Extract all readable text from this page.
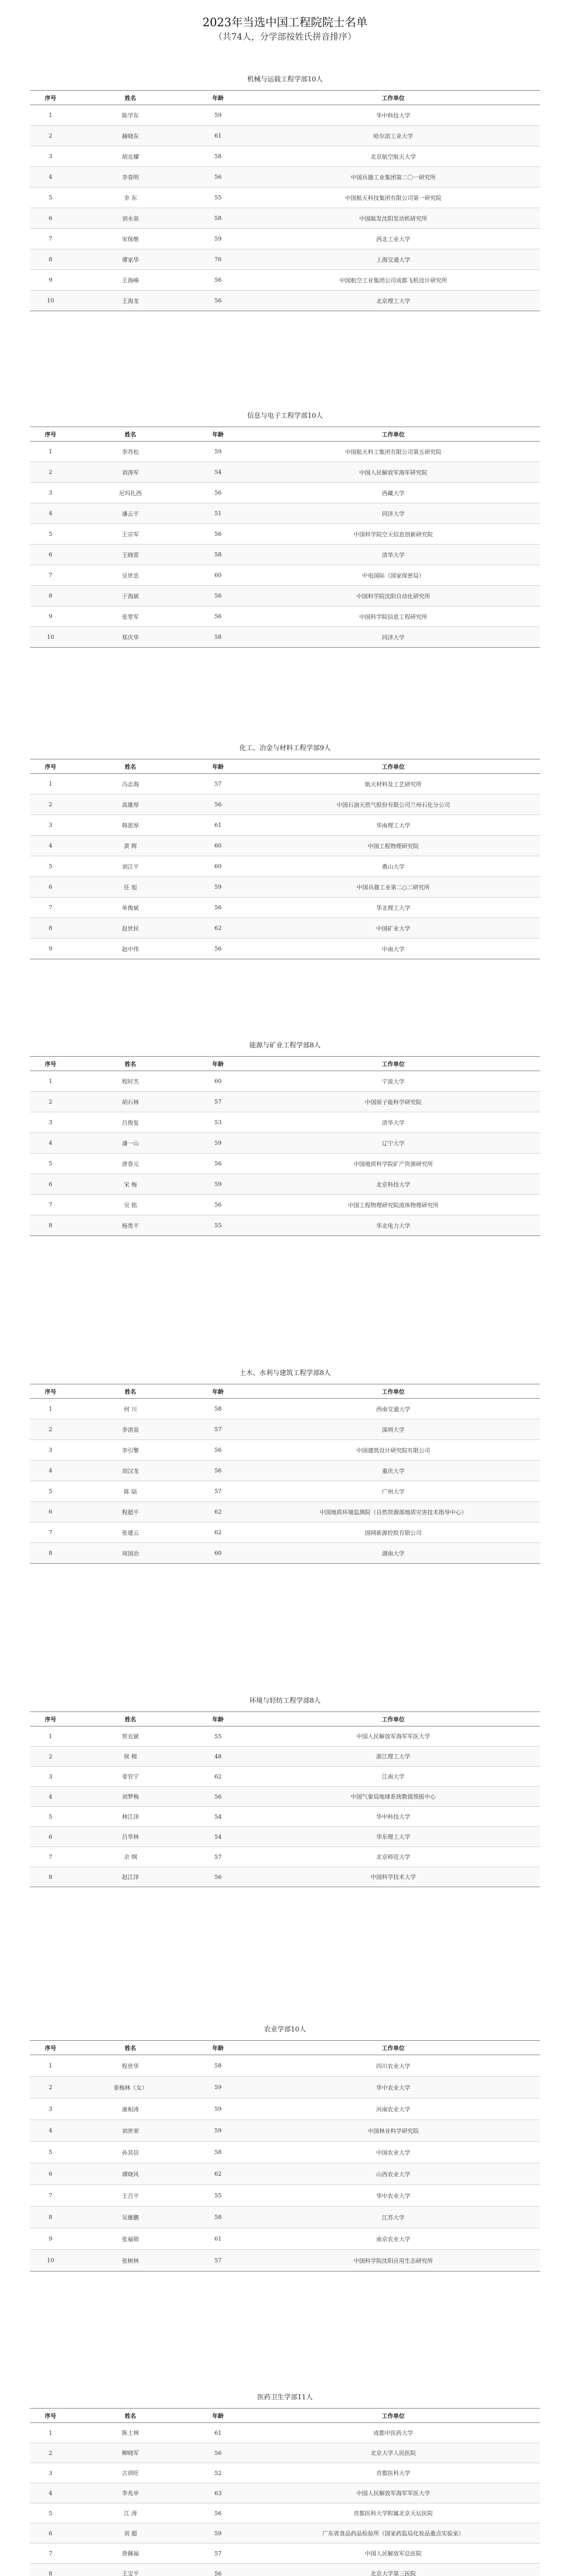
2023年当选中国工程院院士名单
（共74人，分学部按姓氏拼音排序）
机械与运载工程学部10人
序号	姓名	年龄	工作单位
1	陈学东	59	华中科技大学
2	赫晓东	61	哈尔滨工业大学
3	胡克耀	58	北京航空航天大学
4	李春明	56	中国兵器工业集团第二〇一研究所
5	李 东	55	中国航天科技集团有限公司第一研究院
6	刘永泉	58	中国航发沈阳发动机研究所
7	宋保维	59	西北工业大学
8	谭家华	76	上海交通大学
9	王海峰	56	中国航空工业集团公司成都飞机设计研究所
10	王海龙	56	北京理工大学
信息与电子工程学部10人
序号	姓名	年龄	工作单位
1	李苏松	59	中国航天科工集团有限公司第五研究院
2	刘涛军	54	中国人民解放军海军研究院
3	尼玛扎西	56	西藏大学
4	潘云平	51	同济大学
5	王宗军	56	中国科学院空天信息创新研究院
6	王晓雷	58	清华大学
7	吴世忠	60	中电国际（国家保密局）
8	于海斌	56	中国科学院沈阳自动化研究所
9	张堂军	56	中国科学院信息工程研究所
10	郑庆华	58	同济大学
化工、冶金与材料工程学部9人
序号	姓名	年龄	工作单位
1	冯志海	57	航天材料及工艺研究所
2	高雄厚	56	中国石油天然气股份有限公司兰州石化分公司
3	韩恩厚	61	华南理工大学
4	黄 辉	60	中国工程物理研究院
5	刘江平	60	燕山大学
6	任 旭	59	中国兵器工业第二○二研究所
7	单俊斌	56	华北理工大学
8	赵世民	62	中国矿业大学
9	赵中伟	56	中南大学
能源与矿业工程学部8人
序号	姓名	年龄	工作单位
1	程时杰	60	宁波大学
2	胡石林	57	中国原子能科学研究院
3	吕俊复	53	清华大学
4	潘一山	59	辽宁大学
5	唐春元	56	中国地质科学院矿产资源研究所
6	宋 梅	59	北京科技大学
7	吴 铭	56	中国工程物理研究院流体物理研究所
8	杨勇平	55	华北电力大学
土木、水利与建筑工程学部8人
序号	姓名	年龄	工作单位
1	何 川	58	西南交通大学
2	李清泉	57	深圳大学
3	李引擎	56	中国建筑设计研究院有限公司
4	刘汉龙	56	重庆大学
5	陈 陆	57	广州大学
6	程超平	62	中国地质环境监测院（自然资源部地质灾害技术指导中心）
7	张建云	62	国网新源控股有限公司
8	周国治	60	湖南大学
环境与轻纺工程学部8人
序号	姓名	年龄	工作单位
1	贺克斌	55	中国人民解放军海军军医大学
2	侯 楫	48	浙江理工大学
3	姜官宁	62	江南大学
4	刘梦梅	56	中国气象局地球系统数值预报中心
5	林江泽	54	华中科技大学
6	吕华林	54	华东理工大学
7	余 纲	57	北京师范大学
8	赵江泽	56	中国科学技术大学
农业学部10人
序号	姓名	年龄	工作单位
1	程世华	58	四川农业大学
2	姜梅林（女）	59	华中农业大学
3	康相涛	59	河南农业大学
4	刘世荣	59	中国林业科学研究院
5	孙其信	58	中国农业大学
6	谭晓风	62	山西农业大学
7	王召平	55	华中农业大学
8	吴雄鹏	58	江苏大学
9	张福锁	61	南京农业大学
10	张树林	57	中国科学院沈阳应用生态研究所
医药卫生学部11人
序号	姓名	年龄	工作单位
1	陈士林	61	成都中医药大学
2	柳晓军	56	北京大学人民医院
3	古训旺	52	首都医科大学
4	李兆申	63	中国人民解放军海军军医大学
5	江 涛	56	首都医科大学附属北京天坛医院
6	刘 超	59	广东省食品药品检验所（国家药监局化妆品重点实验室）
7	唐佩福	57	中国人民解放军总医院
8	王宝平	56	北京大学第三医院
